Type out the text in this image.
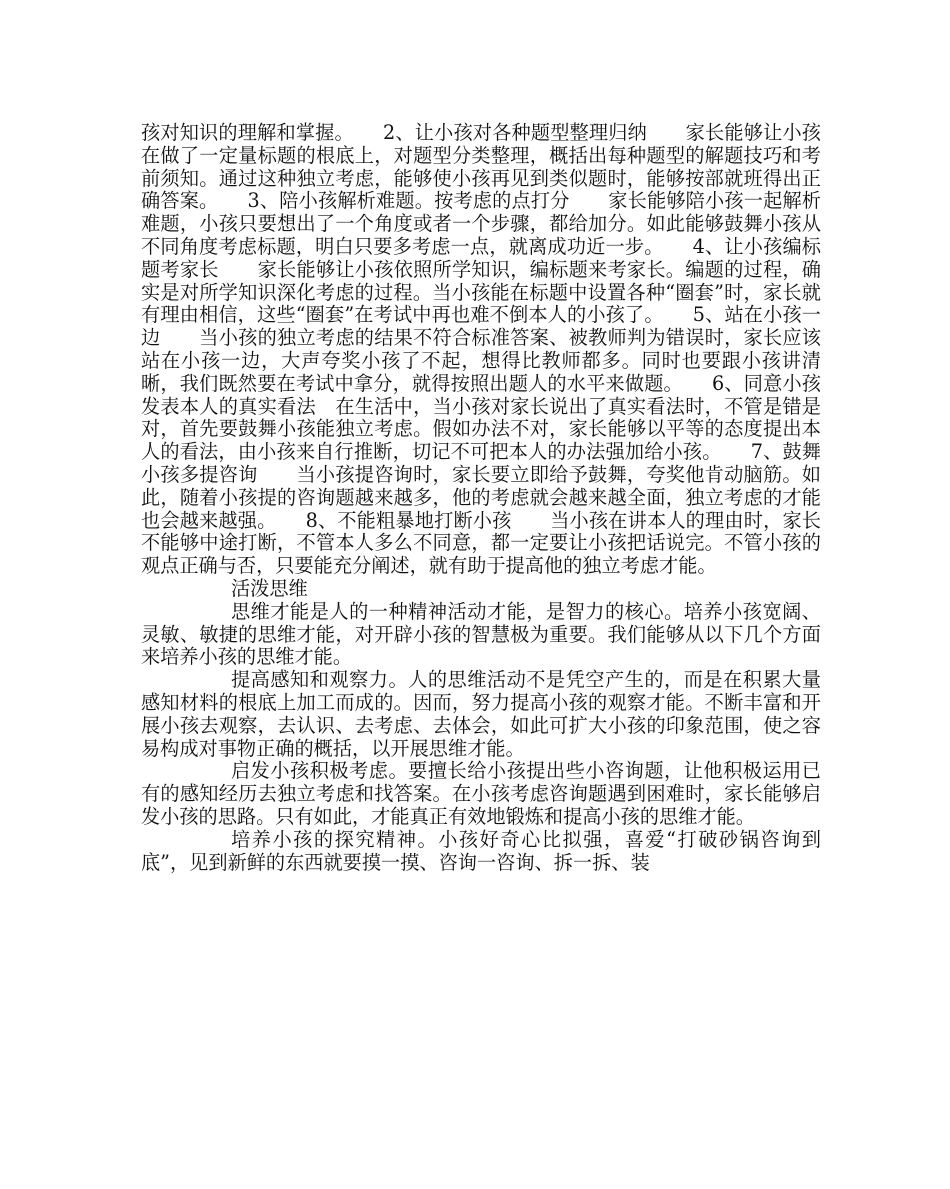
孩对知识的理解和掌握。　　2、让小孩对各种题型整理归纳　　家长能够让小孩在做了一定量标题的根底上，对题型分类整理，概括出每种题型的解题技巧和考前须知。通过这种独立考虑，能够使小孩再见到类似题时，能够按部就班得出正确答案。　　3、陪小孩解析难题。按考虑的点打分　　家长能够陪小孩一起解析难题，小孩只要想出了一个角度或者一个步骤，都给加分。如此能够鼓舞小孩从不同角度考虑标题，明白只要多考虑一点，就离成功近一步。　　4、让小孩编标题考家长　　家长能够让小孩依照所学知识，编标题来考家长。编题的过程，确实是对所学知识深化考虑的过程。当小孩能在标题中设置各种“圈套”时，家长就有理由相信，这些“圈套”在考试中再也难不倒本人的小孩了。　　5、站在小孩一边　　当小孩的独立考虑的结果不符合标准答案、被教师判为错误时，家长应该站在小孩一边，大声夸奖小孩了不起，想得比教师都多。同时也要跟小孩讲清晰，我们既然要在考试中拿分，就得按照出题人的水平来做题。　　6、同意小孩发表本人的真实看法　在生活中，当小孩对家长说出了真实看法时，不管是错是对，首先要鼓舞小孩能独立考虑。假如办法不对，家长能够以平等的态度提出本人的看法，由小孩来自行推断，切记不可把本人的办法强加给小孩。　　7、鼓舞小孩多提咨询　　当小孩提咨询时，家长要立即给予鼓舞，夸奖他肯动脑筋。如此，随着小孩提的咨询题越来越多，他的考虑就会越来越全面，独立考虑的才能也会越来越强。　　8、不能粗暴地打断小孩　　当小孩在讲本人的理由时，家长不能够中途打断，不管本人多么不同意，都一定要让小孩把话说完。不管小孩的观点正确与否，只要能充分阐述，就有助于提高他的独立考虑才能。

活泼思维

思维才能是人的一种精神活动才能，是智力的核心。培养小孩宽阔、灵敏、敏捷的思维才能，对开辟小孩的智慧极为重要。我们能够从以下几个方面来培养小孩的思维才能。

提高感知和观察力。人的思维活动不是凭空产生的，而是在积累大量感知材料的根底上加工而成的。因而，努力提高小孩的观察才能。不断丰富和开展小孩去观察，去认识、去考虑、去体会，如此可扩大小孩的印象范围，使之容易构成对事物正确的概括，以开展思维才能。

启发小孩积极考虑。要擅长给小孩提出些小咨询题，让他积极运用已有的感知经历去独立考虑和找答案。在小孩考虑咨询题遇到困难时，家长能够启发小孩的思路。只有如此，才能真正有效地锻炼和提高小孩的思维才能。

培养小孩的探究精神。小孩好奇心比拟强，喜爱“打破砂锅咨询到底”，见到新鲜的东西就要摸一摸、咨询一咨询、拆一拆、装
